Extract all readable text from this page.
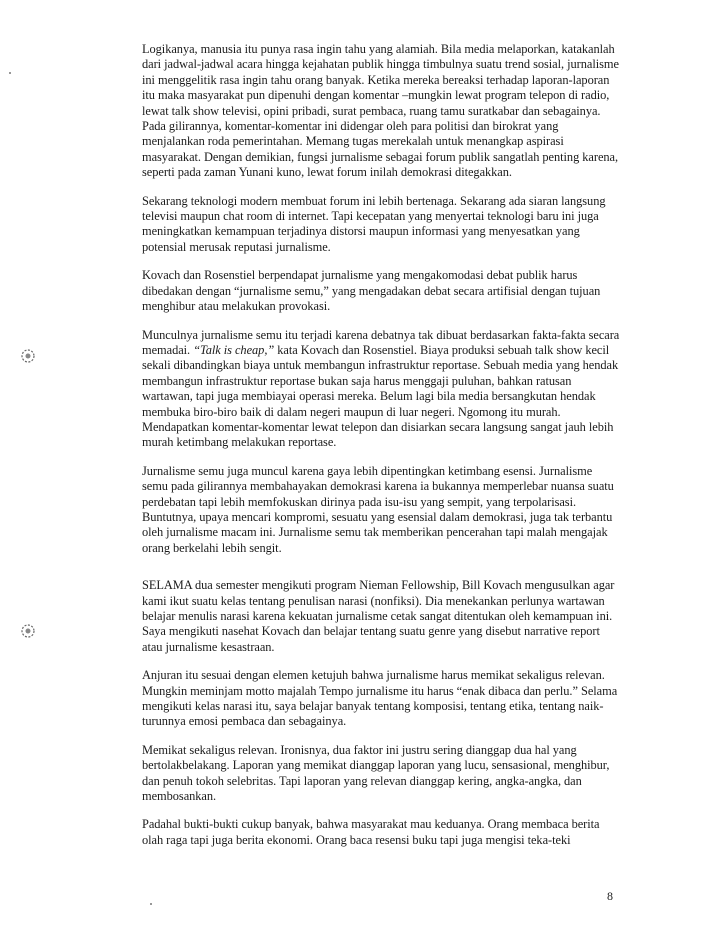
Logikanya, manusia itu punya rasa ingin tahu yang alamiah. Bila media melaporkan, katakanlah dari jadwal-jadwal acara hingga kejahatan publik hingga timbulnya suatu trend sosial, jurnalisme ini menggelitik rasa ingin tahu orang banyak. Ketika mereka bereaksi terhadap laporan-laporan itu maka masyarakat pun dipenuhi dengan komentar –mungkin lewat program telepon di radio, lewat talk show televisi, opini pribadi, surat pembaca, ruang tamu suratkabar dan sebagainya. Pada gilirannya, komentar-komentar ini didengar oleh para politisi dan birokrat yang menjalankan roda pemerintahan. Memang tugas merekalah untuk menangkap aspirasi masyarakat. Dengan demikian, fungsi jurnalisme sebagai forum publik sangatlah penting karena, seperti pada zaman Yunani kuno, lewat forum inilah demokrasi ditegakkan.

Sekarang teknologi modern membuat forum ini lebih bertenaga. Sekarang ada siaran langsung televisi maupun chat room di internet. Tapi kecepatan yang menyertai teknologi baru ini juga meningkatkan kemampuan terjadinya distorsi maupun informasi yang menyesatkan yang potensial merusak reputasi jurnalisme.

Kovach dan Rosenstiel berpendapat jurnalisme yang mengakomodasi debat publik harus dibedakan dengan “jurnalisme semu,” yang mengadakan debat secara artifisial dengan tujuan menghibur atau melakukan provokasi.

Munculnya jurnalisme semu itu terjadi karena debatnya tak dibuat berdasarkan fakta-fakta secara memadai. “Talk is cheap,” kata Kovach dan Rosenstiel. Biaya produksi sebuah talk show kecil sekali dibandingkan biaya untuk membangun infrastruktur reportase. Sebuah media yang hendak membangun infrastruktur reportase bukan saja harus menggaji puluhan, bahkan ratusan wartawan, tapi juga membiayai operasi mereka. Belum lagi bila media bersangkutan hendak membuka biro-biro baik di dalam negeri maupun di luar negeri. Ngomong itu murah. Mendapatkan komentar-komentar lewat telepon dan disiarkan secara langsung sangat jauh lebih murah ketimbang melakukan reportase.

Jurnalisme semu juga muncul karena gaya lebih dipentingkan ketimbang esensi. Jurnalisme semu pada gilirannya membahayakan demokrasi karena ia bukannya memperlebar nuansa suatu perdebatan tapi lebih memfokuskan dirinya pada isu-isu yang sempit, yang terpolarisasi. Buntutnya, upaya mencari kompromi, sesuatu yang esensial dalam demokrasi, juga tak terbantu oleh jurnalisme macam ini. Jurnalisme semu tak memberikan pencerahan tapi malah mengajak orang berkelahi lebih sengit.

SELAMA dua semester mengikuti program Nieman Fellowship, Bill Kovach mengusulkan agar kami ikut suatu kelas tentang penulisan narasi (nonfiksi). Dia menekankan perlunya wartawan belajar menulis narasi karena kekuatan jurnalisme cetak sangat ditentukan oleh kemampuan ini. Saya mengikuti nasehat Kovach dan belajar tentang suatu genre yang disebut narrative report atau jurnalisme kesastraan.

Anjuran itu sesuai dengan elemen ketujuh bahwa jurnalisme harus memikat sekaligus relevan. Mungkin meminjam motto majalah Tempo jurnalisme itu harus “enak dibaca dan perlu.” Selama mengikuti kelas narasi itu, saya belajar banyak tentang komposisi, tentang etika, tentang naik-turunnya emosi pembaca dan sebagainya.

Memikat sekaligus relevan. Ironisnya, dua faktor ini justru sering dianggap dua hal yang bertolakbelakang. Laporan yang memikat dianggap laporan yang lucu, sensasional, menghibur, dan penuh tokoh selebritas. Tapi laporan yang relevan dianggap kering, angka-angka, dan membosankan.

Padahal bukti-bukti cukup banyak, bahwa masyarakat mau keduanya. Orang membaca berita olah raga tapi juga berita ekonomi. Orang baca resensi buku tapi juga mengisi teka-teki

8
